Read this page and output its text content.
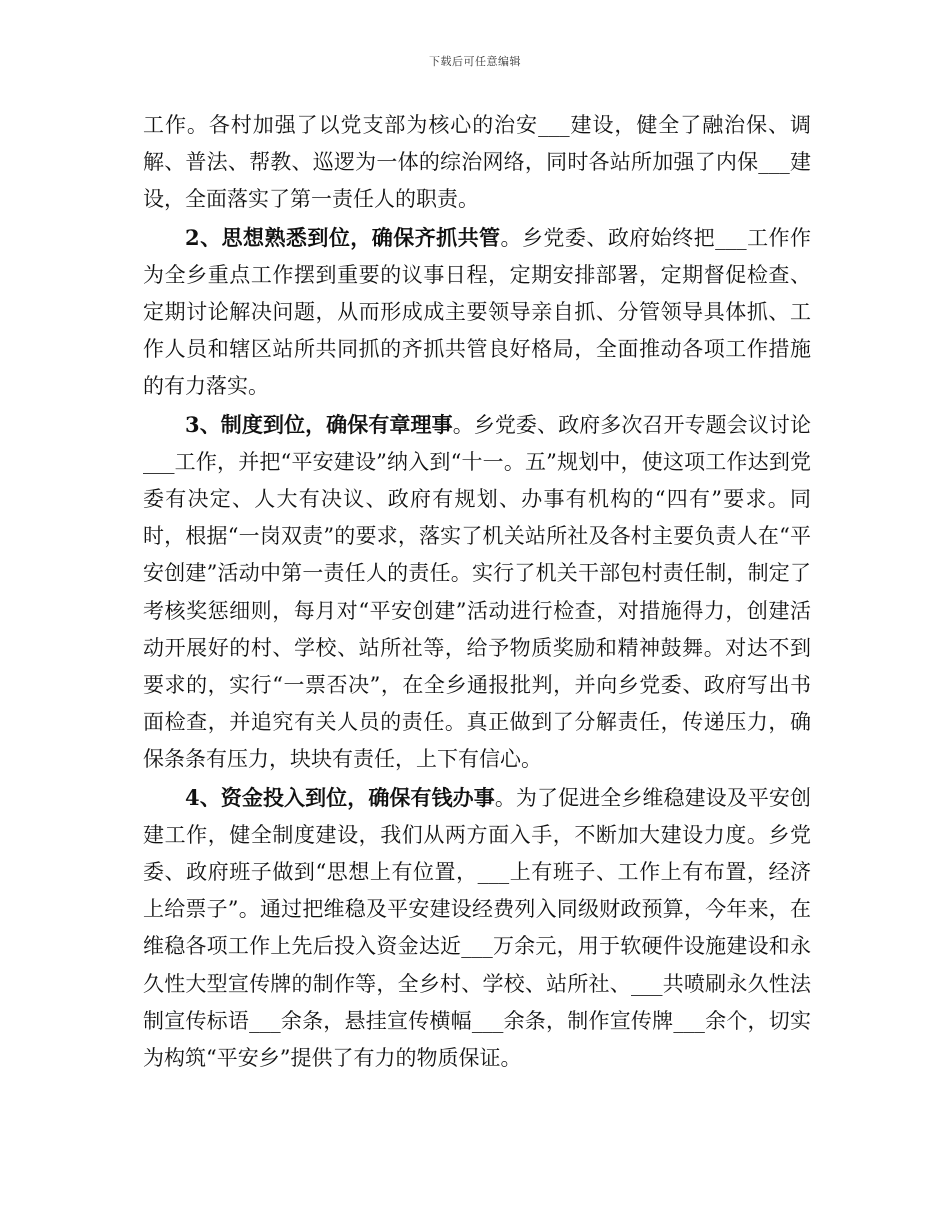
下载后可任意编辑

工作。各村加强了以党支部为核心的治安___建设，健全了融治保、调解、普法、帮教、巡逻为一体的综治网络，同时各站所加强了内保___建设，全面落实了第一责任人的职责。

2、思想熟悉到位，确保齐抓共管。乡党委、政府始终把___工作作为全乡重点工作摆到重要的议事日程，定期安排部署，定期督促检查、定期讨论解决问题，从而形成成主要领导亲自抓、分管领导具体抓、工作人员和辖区站所共同抓的齐抓共管良好格局，全面推动各项工作措施的有力落实。

3、制度到位，确保有章理事。乡党委、政府多次召开专题会议讨论___工作，并把“平安建设”纳入到“十一。五”规划中，使这项工作达到党委有决定、人大有决议、政府有规划、办事有机构的“四有”要求。同时，根据“一岗双责”的要求，落实了机关站所社及各村主要负责人在“平安创建”活动中第一责任人的责任。实行了机关干部包村责任制，制定了考核奖惩细则，每月对“平安创建”活动进行检查，对措施得力，创建活动开展好的村、学校、站所社等，给予物质奖励和精神鼓舞。对达不到要求的，实行“一票否决”，在全乡通报批判，并向乡党委、政府写出书面检查，并追究有关人员的责任。真正做到了分解责任，传递压力，确保条条有压力，块块有责任，上下有信心。

4、资金投入到位，确保有钱办事。为了促进全乡维稳建设及平安创建工作，健全制度建设，我们从两方面入手，不断加大建设力度。乡党委、政府班子做到“思想上有位置，___上有班子、工作上有布置，经济上给票子”。通过把维稳及平安建设经费列入同级财政预算，今年来，在维稳各项工作上先后投入资金达近___万余元，用于软硬件设施建设和永久性大型宣传牌的制作等，全乡村、学校、站所社、___共喷刷永久性法制宣传标语___余条，悬挂宣传横幅___余条，制作宣传牌___余个，切实为构筑“平安乡”提供了有力的物质保证。
